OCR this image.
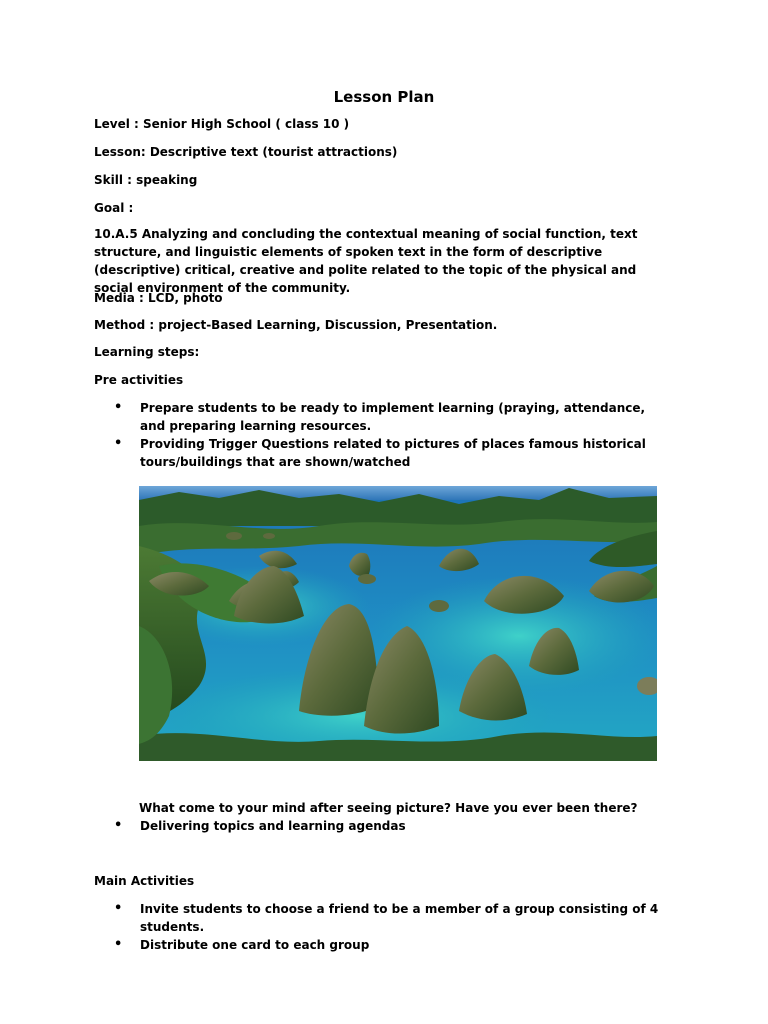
Lesson Plan
Level : Senior High School ( class 10 )
Lesson: Descriptive text (tourist attractions)
Skill : speaking
Goal :
10.A.5 Analyzing and concluding the contextual meaning of social function, text structure, and linguistic elements of spoken text in the form of descriptive (descriptive) critical, creative and polite related to the topic of the physical and social environment of the community.
Media : LCD, photo
Method : project-Based Learning, Discussion, Presentation.
Learning steps:
Pre activities
• Prepare students to be ready to implement learning (praying, attendance, and preparing learning resources.
• Providing Trigger Questions related to pictures of places famous historical tours/buildings that are shown/watched
What come to your mind after seeing picture? Have you ever been there?
• Delivering topics and learning agendas
Main Activities
• Invite students to choose a friend to be a member of a group consisting of 4 students.
• Distribute one card to each group
